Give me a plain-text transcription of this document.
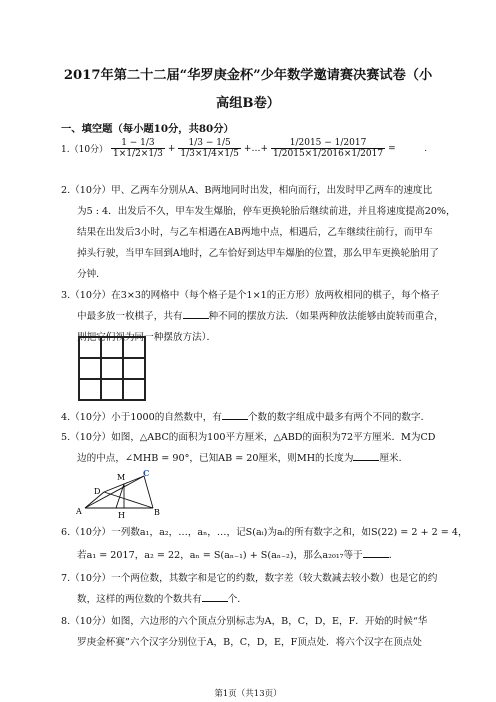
2017年第二十二届“华罗庚金杯”少年数学邀请赛决赛试卷（小
高组B卷）
一、填空题（每小题10分，共80分）
1.（10分） $\frac{1 - 1/3}{1\times 1/2\times 1/3} + \frac{1/3 - 1/5}{1/3\times 1/4\times 1/5}$ +…+ $\frac{1/2015 - 1/2017}{1/2015\times 1/2016\times 1/2017}$ =          .
2.（10分）甲、乙两车分别从A、B两地同时出发，相向而行，出发时甲乙两车的速度比
为5 : 4．出发后不久，甲车发生爆胎，停车更换轮胎后继续前进，并且将速度提高20%，
结果在出发后3小时，与乙车相遇在AB两地中点，相遇后，乙车继续往前行，而甲车
掉头行驶，当甲车回到A地时，乙车恰好到达甲车爆胎的位置，那么甲车更换轮胎用了
分钟．
3.（10分）在3×3的网格中（每个格子是个1×1的正方形）放两枚相同的棋子，每个格子
中最多放一枚棋子，共有	种不同的摆放方法．（如果两种放法能够由旋转而重合，
则把它们视为同一种摆放方法）．
4.（10分）小于1000的自然数中，有	个数的数字组成中最多有两个不同的数字．
5.（10分）如图，△ABC的面积为100平方厘米，△ABD的面积为72平方厘米．M为CD
边的中点，∠MHB = 90°，已知AB = 20厘米，则MH的长度为	厘米．
C
M
D
A	H	B
6.（10分）一列数a₁，a₂，…，aₙ，…，记S(aᵢ)为aᵢ的所有数字之和，如S(22) = 2 + 2 = 4，
若a₁ = 2017，a₂ = 22，aₙ = S(aₙ₋₁) + S(aₙ₋₂)，那么a₂₀₁₇等于	．
7.（10分）一个两位数，其数字和是它的约数，数字差（较大数减去较小数）也是它的约
数，这样的两位数的个数共有	个．
8.（10分）如图，六边形的六个顶点分别标志为A，B，C，D，E，F．开始的时候“华
罗庚金杯赛”六个汉字分别位于A，B，C，D，E，F顶点处．将六个汉字在顶点处
第1页（共13页）
